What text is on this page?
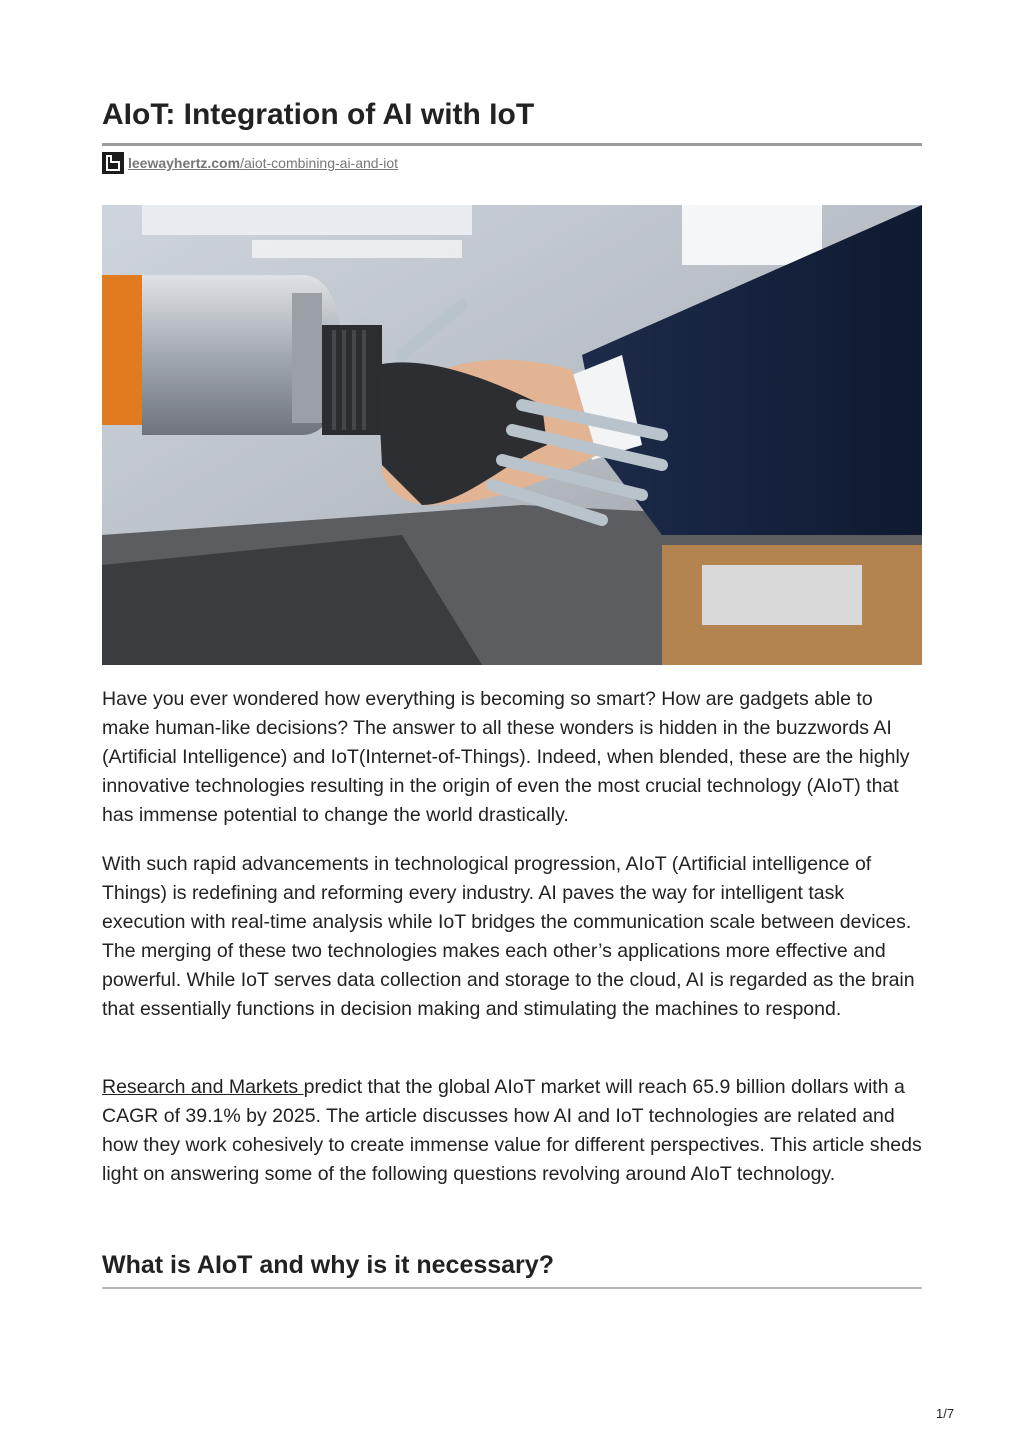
AIoT: Integration of AI with IoT
leewayhertz.com/aiot-combining-ai-and-iot

Have you ever wondered how everything is becoming so smart? How are gadgets able to make human-like decisions? The answer to all these wonders is hidden in the buzzwords AI (Artificial Intelligence) and IoT(Internet-of-Things). Indeed, when blended, these are the highly innovative technologies resulting in the origin of even the most crucial technology (AIoT) that has immense potential to change the world drastically.

With such rapid advancements in technological progression, AIoT (Artificial intelligence of Things) is redefining and reforming every industry. AI paves the way for intelligent task execution with real-time analysis while IoT bridges the communication scale between devices. The merging of these two technologies makes each other’s applications more effective and powerful. While IoT serves data collection and storage to the cloud, AI is regarded as the brain that essentially functions in decision making and stimulating the machines to respond.

Research and Markets predict that the global AIoT market will reach 65.9 billion dollars with a CAGR of 39.1% by 2025. The article discusses how AI and IoT technologies are related and how they work cohesively to create immense value for different perspectives. This article sheds light on answering some of the following questions revolving around AIoT technology.

What is AIoT and why is it necessary?
1/7
